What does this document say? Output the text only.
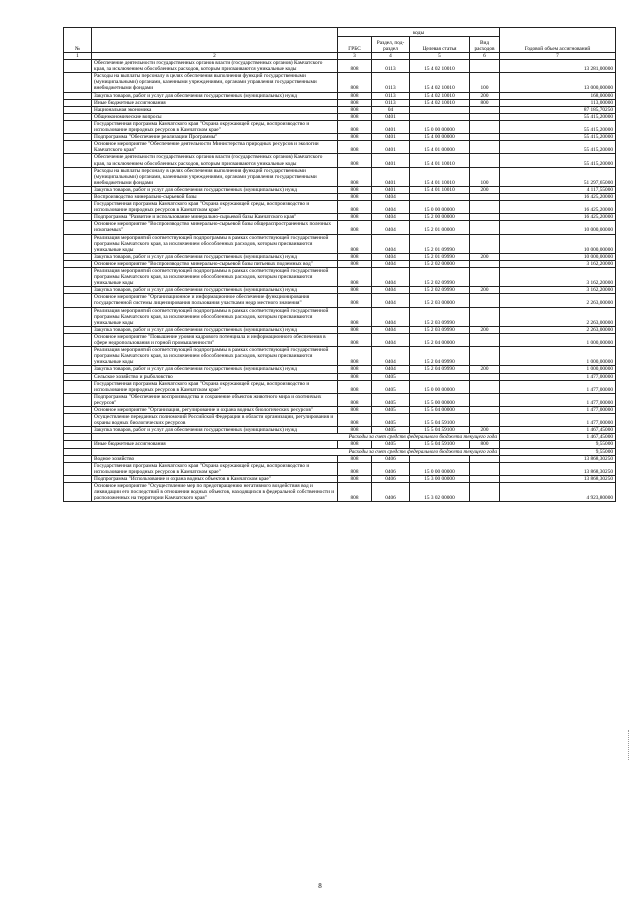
№		коды				Годовой объем ассигнований
		ГРБС	Раздел, под-раздел	Целевая статья	Вид расходов	
1	2	3	4	5	6	7
	Обеспечение деятельности государственных органов власти (государственных органов) Камчатского края, за исключением обособленных расходов, которым присваиваются уникальные коды	808	0113	15 4 02 10010		13 281,00000
	Расходы на выплаты персоналу в целях обеспечения выполнения функций государственными (муниципальными) органами, казенными учреждениями, органами управления государственными внебюджетными фондами	808	0113	15 4 02 10010	100	13 000,00000
	Закупка товаров, работ и услуг для обеспечения государственных (муниципальных) нужд	808	0113	15 4 02 10010	200	168,00000
	Иные бюджетные ассигнования	808	0113	15 4 02 10010	800	113,00000
	Национальная экономика	808	04			87 185,70250
	Общеэкономические вопросы	808	0401			55 415,20000
	Государственная программа Камчатского края "Охрана окружающей среды, воспроизводство и использование природных ресурсов в Камчатском крае"	808	0401	15 0 00 00000		55 415,20000
	Подпрограмма "Обеспечение реализации Программы"	808	0401	15 4 00 00000		55 415,20000
	Основное мероприятие "Обеспечение деятельности Министерства природных ресурсов и экологии Камчатского края"	808	0401	15 4 01 00000		55 415,20000
	Обеспечение деятельности государственных органов власти (государственных органов) Камчатского края, за исключением обособленных расходов, которым присваиваются уникальные коды	808	0401	15 4 01 10010		55 415,20000
	Расходы на выплаты персоналу в целях обеспечения выполнения функций государственными (муниципальными) органами, казенными учреждениями, органами управления государственными внебюджетными фондами	808	0401	15 4 01 10010	100	51 297,65000
	Закупка товаров, работ и услуг для обеспечения государственных (муниципальных) нужд	808	0401	15 4 01 10010	200	4 117,55000
	Воспроизводство минерально-сырьевой базы	808	0404			16 425,20000
	Государственная программа Камчатского края "Охрана окружающей среды, воспроизводство и использование природных ресурсов в Камчатском крае"	808	0404	15 0 00 00000		16 425,20000
	Подпрограмма "Развитие и использование минерально-сырьевой базы Камчатского края"	808	0404	15 2 00 00000		16 425,20000
	Основное мероприятие "Воспроизводство минерально-сырьевой базы общераспространенных полезных ископаемых"	808	0404	15 2 01 00000		10 000,00000
	Реализация мероприятий соответствующей подпрограммы в рамках соответствующей государственной программы Камчатского края, за исключением обособленных расходов, которым присваиваются уникальные коды	808	0404	15 2 01 09990		10 000,00000
	Закупка товаров, работ и услуг для обеспечения государственных (муниципальных) нужд	808	0404	15 2 01 09990	200	10 000,00000
	Основное мероприятие "Воспроизводство минерально-сырьевой базы питьевых подземных вод"	808	0404	15 2 02 00000		3 162,20000
	Реализация мероприятий соответствующей подпрограммы в рамках соответствующей государственной программы Камчатского края, за исключением обособленных расходов, которым присваиваются уникальные коды	808	0404	15 2 02 09990		3 162,20000
	Закупка товаров, работ и услуг для обеспечения государственных (муниципальных) нужд	808	0404	15 2 02 09990	200	3 162,20000
	Основное мероприятие "Организационное и информационное обеспечение функционирования государственной системы лицензирования пользования участками недр местного значения"	808	0404	15 2 03 00000		2 263,00000
	Реализация мероприятий соответствующей подпрограммы в рамках соответствующей государственной программы Камчатского края, за исключением обособленных расходов, которым присваиваются уникальные коды	808	0404	15 2 03 09990		2 263,00000
	Закупка товаров, работ и услуг для обеспечения государственных (муниципальных) нужд	808	0404	15 2 03 09990	200	2 263,00000
	Основное мероприятие "Повышение уровня кадрового потенциала и информационного обеспечения в сфере недропользования и горной промышленности"	808	0404	15 2 04 00000		1 000,00000
	Реализация мероприятий соответствующей подпрограммы в рамках соответствующей государственной программы Камчатского края, за исключением обособленных расходов, которым присваиваются уникальные коды	808	0404	15 2 04 09990		1 000,00000
	Закупка товаров, работ и услуг для обеспечения государственных (муниципальных) нужд	808	0404	15 2 04 09990	200	1 000,00000
	Сельское хозяйство и рыболовство	808	0405			1 477,00000
	Государственная программа Камчатского края "Охрана окружающей среды, воспроизводство и использование природных ресурсов в Камчатском крае"	808	0405	15 0 00 00000		1 477,00000
	Подпрограмма "Обеспечение воспроизводства и сохранение объектов животного мира и охотничьих ресурсов"	808	0405	15 5 00 00000		1 477,00000
	Основное мероприятие "Организация, регулирование и охрана водных биологических ресурсов"	808	0405	15 5 04 00000		1 477,00000
	Осуществление переданных полномочий Российской Федерации в области организации, регулирования и охраны водных биологических ресурсов	808	0405	15 5 04 59100		1 477,00000
	Закупка товаров, работ и услуг для обеспечения государственных (муниципальных) нужд	808	0405	15 5 04 59100	200	1 467,45000
	Расходы за счет средств федерального бюджета текущего года					1 467,45000
	Иные бюджетные ассигнования	808	0405	15 5 04 59100	800	9,55000
	Расходы за счет средств федерального бюджета текущего года					9,55000
	Водное хозяйство	808	0406			13 868,30250
	Государственная программа Камчатского края "Охрана окружающей среды, воспроизводство и использование природных ресурсов в Камчатском крае"	808	0406	15 0 00 00000		13 868,30250
	Подпрограмма "Использование и охрана водных объектов в Камчатском крае"	808	0406	15 3 00 00000		13 868,30250
	Основное мероприятие "Осуществление мер по предотвращению негативного воздействия вод и ликвидации его последствий в отношении водных объектов, находящихся в федеральной собственности и расположенных на территории Камчатского края"	808	0406	15 3 02 00000		4 923,80000
8
